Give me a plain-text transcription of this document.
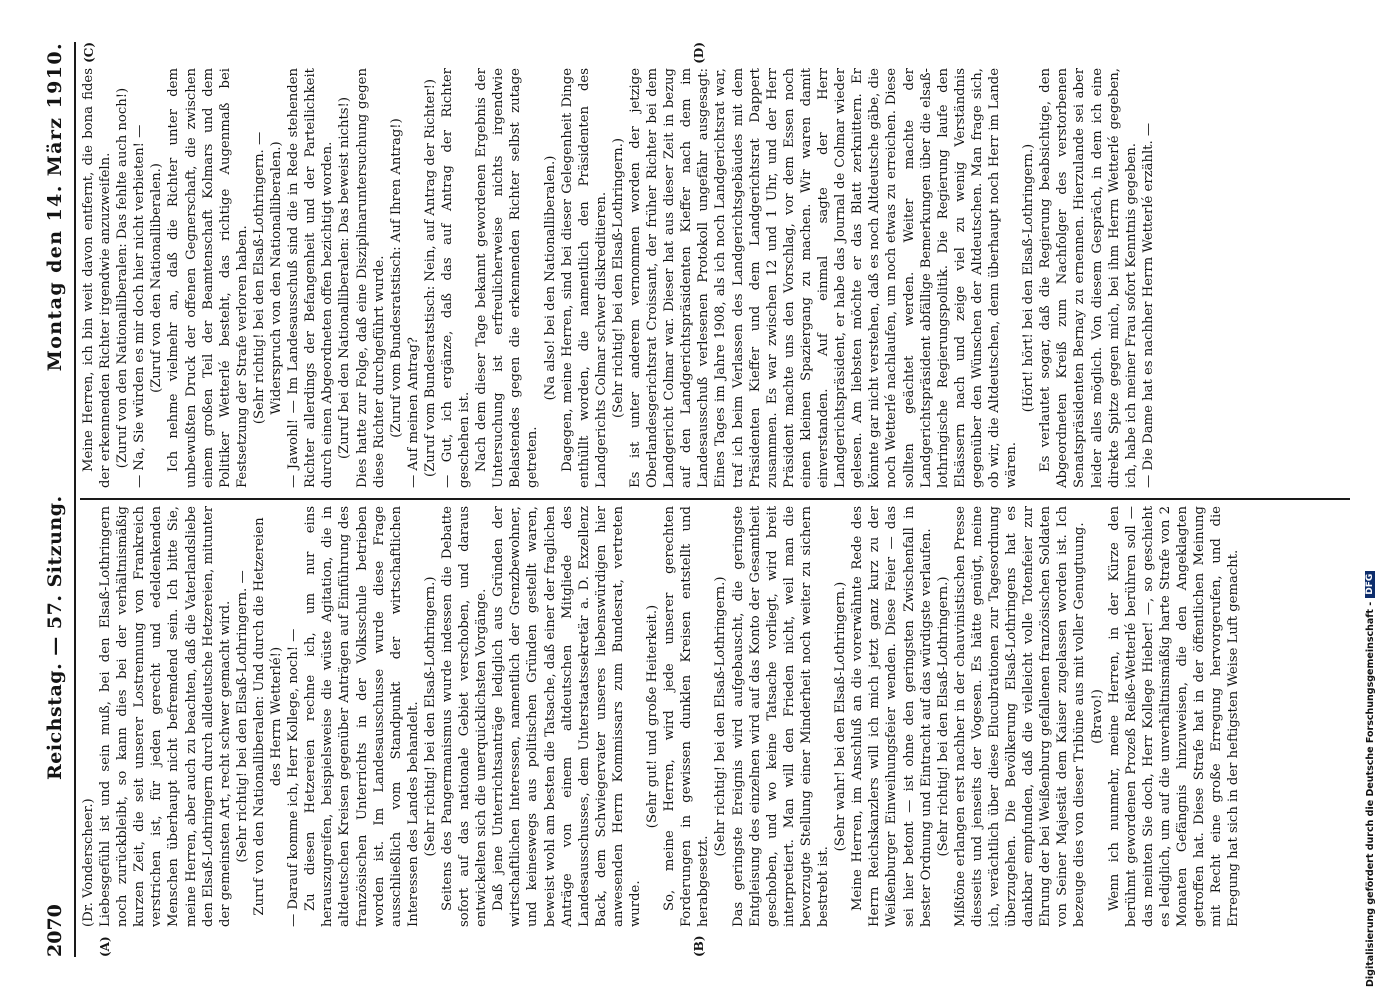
2070
Reichstag. — 57. Sitzung.
Montag den 14. März 1910.
(A)	(B)

(Dr. Vonderscheer.) Liebesgefühl ist und sein muß, bei den Elsaß-Lothringern noch zurückbleibt, so kann dies bei der verhältnismäßig kurzen Zeit, die seit unserer Lostrennung von Frankreich verstrichen ist, für jeden gerecht und edeldenkenden Menschen überhaupt nicht befremdend sein. Ich bitte Sie, meine Herren, aber auch zu beachten, daß die Vaterlandsliebe den Elsaß-Lothringern durch alldeutsche Hetzereien, mitunter der gemeinsten Art, recht schwer gemacht wird. (Sehr richtig! bei den Elsaß-Lothringern. — Zuruf von den Nationalliberalen: Und durch die Hetzereien des Herrn Wetterlé!) — Darauf komme ich, Herr Kollege, noch! — Zu diesen Hetzereien rechne ich, um nur eins herauszugreifen, beispielsweise die wüste Agitation, die in altdeutschen Kreisen gegenüber Anträgen auf Einführung des französischen Unterrichts in der Volksschule betrieben worden ist. Im Landesausschusse wurde diese Frage ausschließlich vom Standpunkt der wirtschaftlichen Interessen des Landes behandelt. (Sehr richtig! bei den Elsaß-Lothringern.) Seitens des Pangermanismus wurde indessen die Debatte sofort auf das nationale Gebiet verschoben, und daraus entwickelten sich die unerquicklichsten Vorgänge. Daß jene Unterrichtsanträge lediglich aus Gründen der wirtschaftlichen Interessen, namentlich der Grenzbewohner, und keineswegs aus politischen Gründen gestellt waren, beweist wohl am besten die Tatsache, daß einer der fraglichen Anträge von einem altdeutschen Mitgliede des Landesausschusses, dem Unterstaatssekretär a. D. Exzellenz Back, dem Schwiegervater unseres liebenswürdigen hier anwesenden Herrn Kommissars zum Bundesrat, vertreten wurde.

(Sehr gut! und große Heiterkeit.) So, meine Herren, wird jede unserer gerechten Forderungen in gewissen dunklen Kreisen entstellt und herabgesetzt.

(Sehr richtig! bei den Elsaß-Lothringern.) Das geringste Ereignis wird aufgebauscht, die geringste Entgleisung des einzelnen wird auf das Konto der Gesamtheit geschoben, und wo keine Tatsache vorliegt, wird breit interpretiert. Man will den Frieden nicht, weil man die bevorzugte Stellung einer Minderheit noch weiter zu sichern bestrebt ist.

(Sehr wahr! bei den Elsaß-Lothringern.) Meine Herren, im Anschluß an die vorerwähnte Rede des Herrn Reichskanzlers will ich mich jetzt ganz kurz zu der Weißenburger Einweihungsfeier wenden. Diese Feier — das sei hier betont — ist ohne den geringsten Zwischenfall in bester Ordnung und Eintracht auf das würdigste verlaufen. (Sehr richtig! bei den Elsaß-Lothringern.) Mißtöne erlangen erst nachher in der chauvinistischen Presse diesseits und jenseits der Vogesen. Es hätte genügt, meine ich, verächtlich über diese Elucubrationen zur Tagesordnung überzugehen. Die Bevölkerung Elsaß-Lothringens hat es dankbar empfunden, daß die vielleicht volle Totenfeier zur Ehrung der bei Weißenburg gefallenen französischen Soldaten von Seiner Majestät dem Kaiser zugelassen worden ist. Ich bezeuge dies von dieser Tribüne aus mit voller Genugtuung. (Bravo!) Wenn ich nunmehr, meine Herren, in der Kürze den berühmt gewordenen Prozeß Reiße-Wetterlé berühren soll — das meinten Sie doch, Herr Kollege Hieber! —, so geschieht es lediglich, um auf die unverhältnismäßig harte Strafe von 2 Monaten Gefängnis hinzuweisen, die den Angeklagten getroffen hat. Diese Strafe hat in der öffentlichen Meinung mit Recht eine große Erregung hervorgerufen, und die Erregung hat sich in der heftigsten Weise Luft gemacht.

(C)	(D)

Meine Herren, ich bin weit davon entfernt, die bona fides der erkennenden Richter irgendwie anzuzweifeln. (Zuruf von den Nationalliberalen: Das fehlte auch noch!) — Na, Sie würden es mir doch hier nicht verbieten! — (Zuruf von den Nationalliberalen.) Ich nehme vielmehr an, daß die Richter unter dem unbewußten Druck der offenen Gegnerschaft, die zwischen einem großen Teil der Beamtenschaft Kolmars und dem Politiker Wetterlé besteht, das richtige Augenmaß bei Festsetzung der Strafe verloren haben. (Sehr richtig! bei den Elsaß-Lothringern. — Widerspruch von den Nationalliberalen.) — Jawohl! — Im Landesausschuß sind die in Rede stehenden Richter allerdings der Befangenheit und der Parteilichkeit durch einen Abgeordneten offen bezichtigt worden. (Zuruf bei den Nationalliberalen: Das beweist nichts!) Dies hatte zur Folge, daß eine Disziplinaruntersuchung gegen diese Richter durchgeführt wurde. (Zuruf vom Bundesratstisch: Auf Ihren Antrag!) — Auf meinen Antrag? (Zuruf vom Bundesratstisch: Nein, auf Antrag der Richter!) — Gut, ich ergänze, daß das auf Antrag der Richter geschehen ist. Nach dem dieser Tage bekannt gewordenen Ergebnis der Untersuchung ist erfreulicherweise nichts irgendwie Belastendes gegen die erkennenden Richter selbst zutage getreten.

(Na also! bei den Nationalliberalen.) Dagegen, meine Herren, sind bei dieser Gelegenheit Dinge enthüllt worden, die namentlich den Präsidenten des Landgerichts Colmar schwer diskreditieren. (Sehr richtig! bei den Elsaß-Lothringern.) Es ist unter anderem vernommen worden der jetzige Oberlandesgerichtsrat Croissant, der früher Richter bei dem Landgericht Colmar war. Dieser hat aus dieser Zeit in bezug auf den Landgerichtspräsidenten Kieffer nach dem im Landesausschuß verlesenen Protokoll ungefähr ausgesagt: Eines Tages im Jahre 1908, als ich noch Landgerichtsrat war, traf ich beim Verlassen des Landgerichtsgebäudes mit dem Präsidenten Kieffer und dem Landgerichtsrat Dappert zusammen. Es war zwischen 12 und 1 Uhr, und der Herr Präsident machte uns den Vorschlag, vor dem Essen noch einen kleinen Spaziergang zu machen. Wir waren damit einverstanden. Auf einmal sagte der Herr Landgerichtspräsident, er habe das Journal de Colmar wieder gelesen. Am liebsten möchte er das Blatt zerknittern. Er könnte gar nicht verstehen, daß es noch Altdeutsche gäbe, die noch Wetterlé nachlaufen, um noch etwas zu erreichen. Diese sollten geächtet werden. Weiter machte der Landgerichtspräsident abfällige Bemerkungen über die elsaß-lothringische Regierungspolitik. Die Regierung laufe den Elsässern nach und zeige viel zu wenig Verständnis gegenüber den Wünschen der Altdeutschen. Man frage sich, ob wir, die Altdeutschen, denn überhaupt noch Herr im Lande wären.

(Hört! hört! bei den Elsaß-Lothringern.) Es verlautet sogar, daß die Regierung beabsichtige, den Abgeordneten Kreiß zum Nachfolger des verstorbenen Senatspräsidenten Bernay zu ernennen. Hierzulande sei aber leider alles möglich. Von diesem Gespräch, in dem ich eine direkte Spitze gegen mich, bei ihm Herrn Wetterlé gegeben, ich, habe ich meiner Frau sofort Kenntnis gegeben. — Die Dame hat es nachher Herrn Wetterlé erzählt. —

Digitalisierung gefördert durch die Deutsche Forschungsgemeinschaft -
DFG
